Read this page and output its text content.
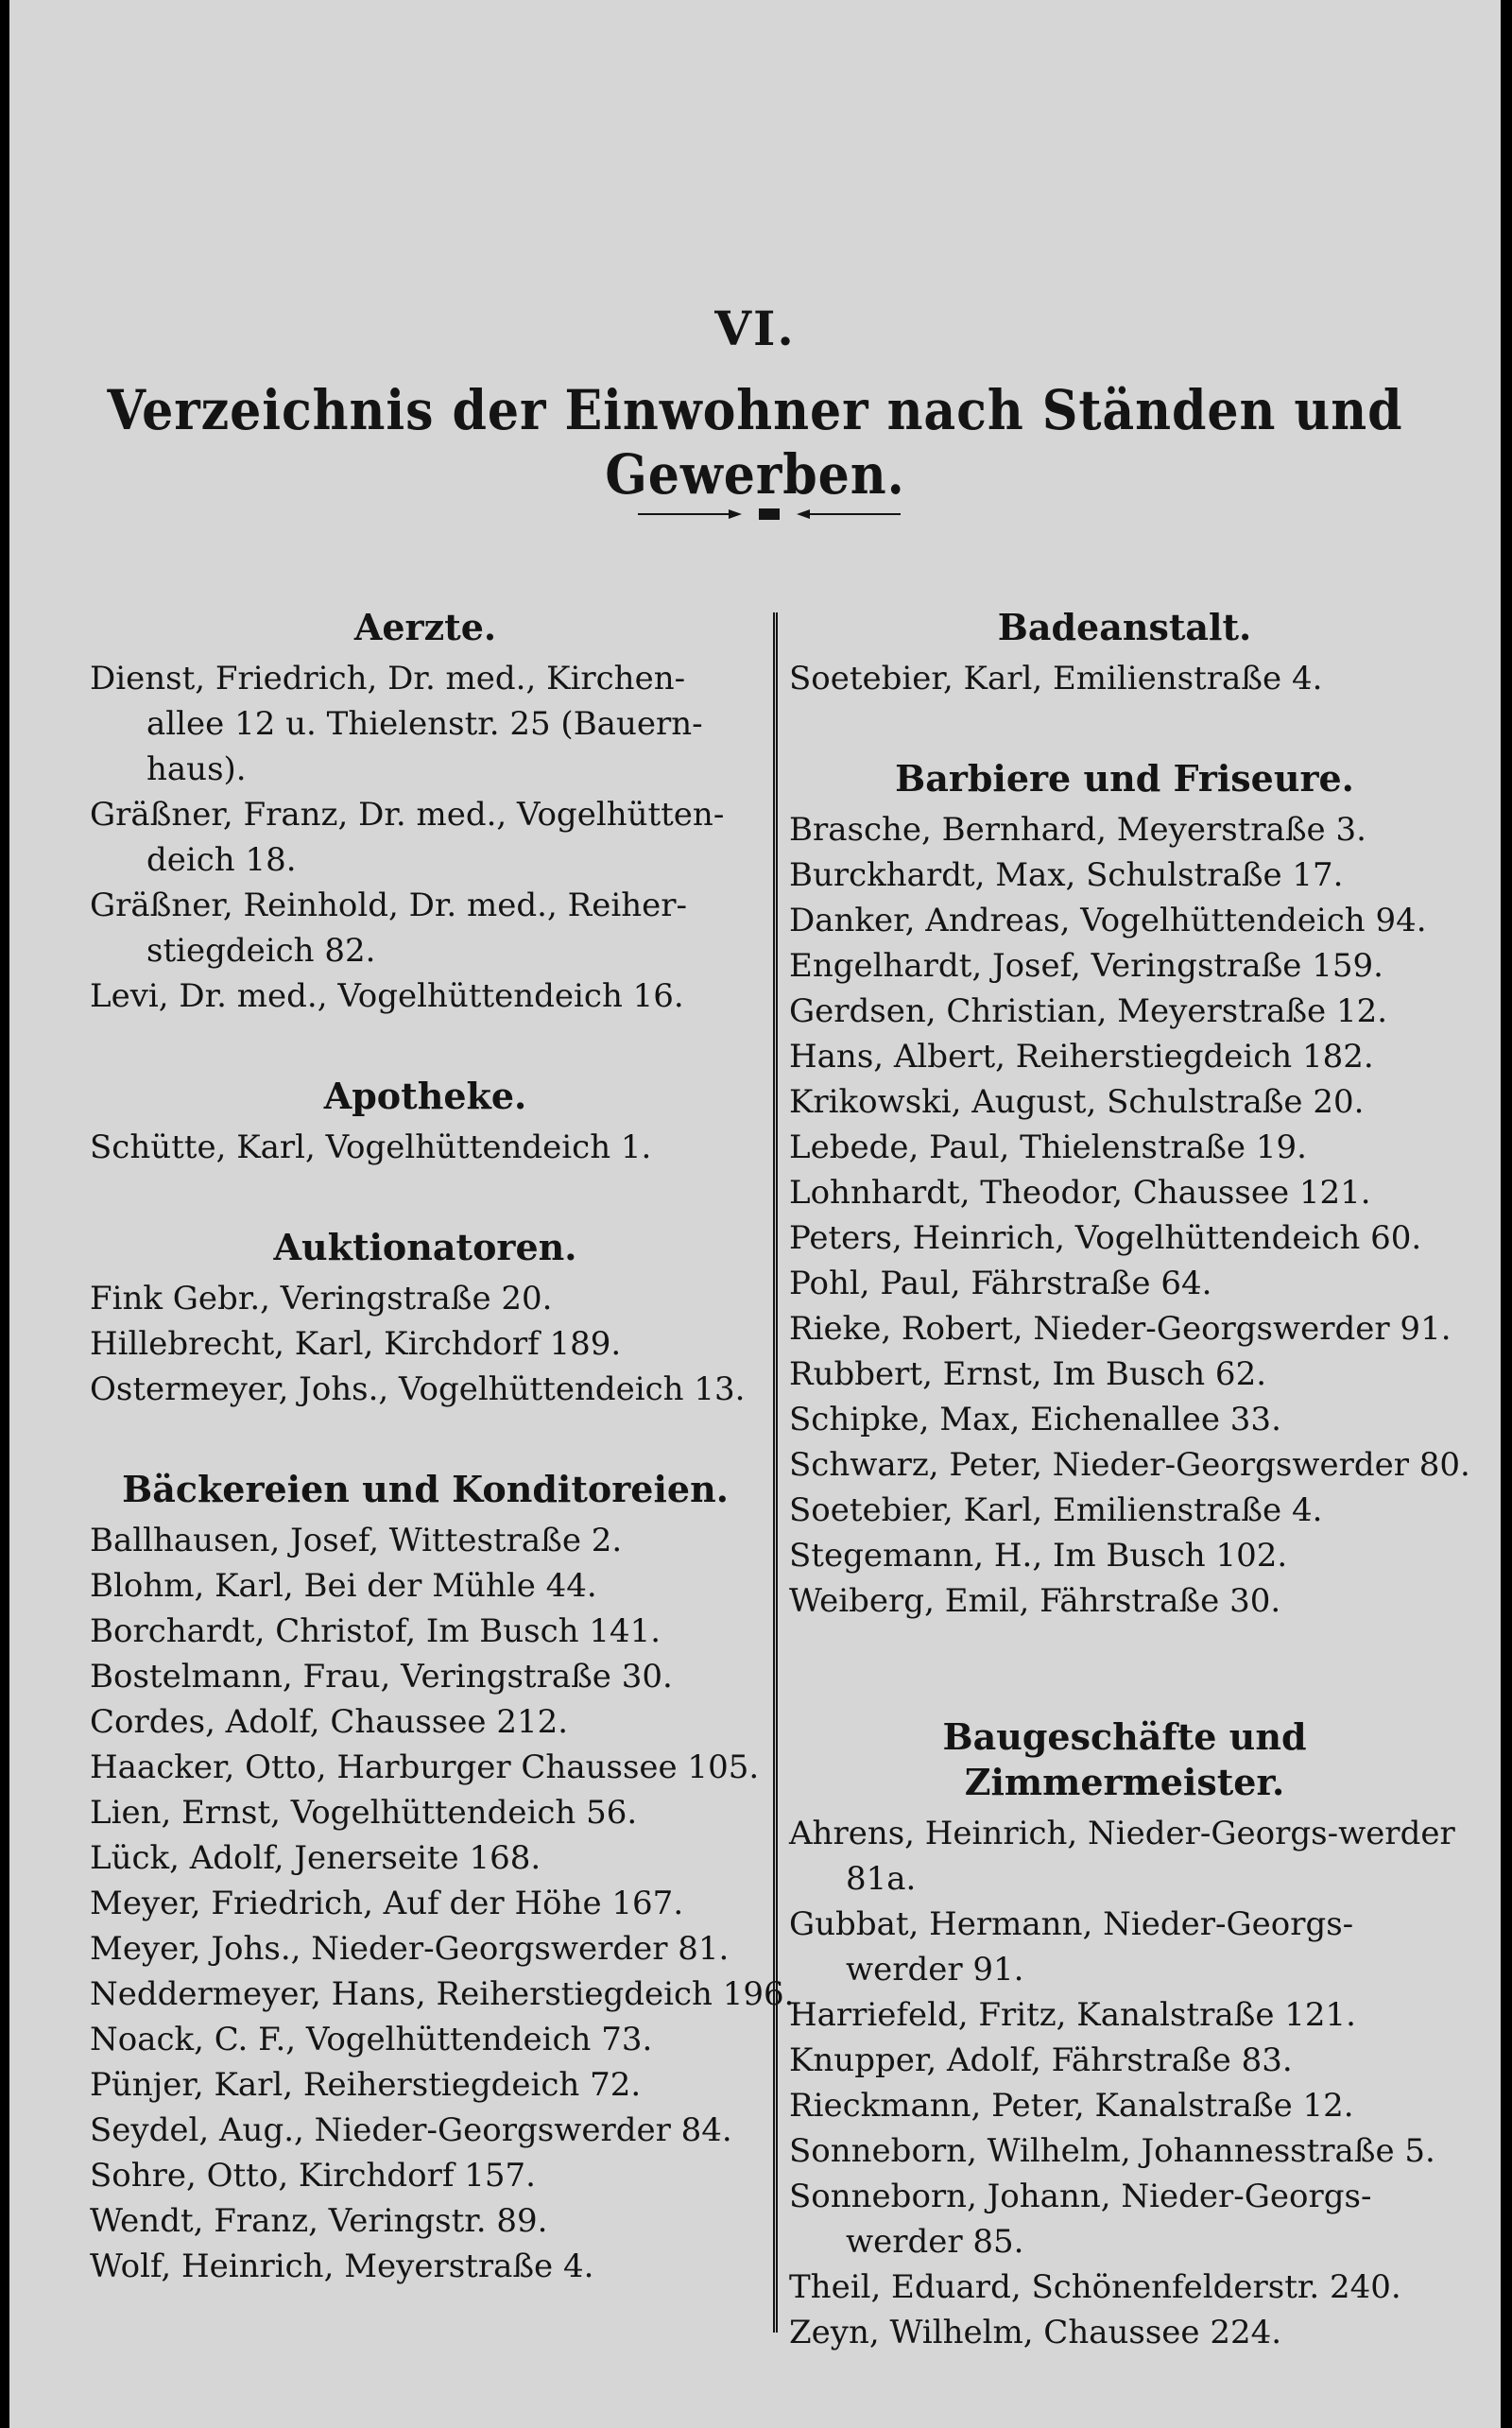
VI.
Verzeichnis der Einwohner nach Ständen und Gewerben.
Aerzte.
Dienst, Friedrich, Dr. med., Kirchen-allee 12 u. Thielenstr. 25 (Bauern-haus).
Gräßner, Franz, Dr. med., Vogelhütten-deich 18.
Gräßner, Reinhold, Dr. med., Reiher-stiegdeich 82.
Levi, Dr. med., Vogelhüttendeich 16.
Apotheke.
Schütte, Karl, Vogelhüttendeich 1.
Auktionatoren.
Fink Gebr., Veringstraße 20.
Hillebrecht, Karl, Kirchdorf 189.
Ostermeyer, Johs., Vogelhüttendeich 13.
Bäckereien und Konditoreien.
Ballhausen, Josef, Wittestraße 2.
Blohm, Karl, Bei der Mühle 44.
Borchardt, Christof, Im Busch 141.
Bostelmann, Frau, Veringstraße 30.
Cordes, Adolf, Chaussee 212.
Haacker, Otto, Harburger Chaussee 105.
Lien, Ernst, Vogelhüttendeich 56.
Lück, Adolf, Jenerseite 168.
Meyer, Friedrich, Auf der Höhe 167.
Meyer, Johs., Nieder-Georgswerder 81.
Neddermeyer, Hans, Reiherstiegdeich 196.
Noack, C. F., Vogelhüttendeich 73.
Pünjer, Karl, Reiherstiegdeich 72.
Seydel, Aug., Nieder-Georgswerder 84.
Sohre, Otto, Kirchdorf 157.
Wendt, Franz, Veringstr. 89.
Wolf, Heinrich, Meyerstraße 4.
Badeanstalt.
Soetebier, Karl, Emilienstraße 4.
Barbiere und Friseure.
Brasche, Bernhard, Meyerstraße 3.
Burckhardt, Max, Schulstraße 17.
Danker, Andreas, Vogelhüttendeich 94.
Engelhardt, Josef, Veringstraße 159.
Gerdsen, Christian, Meyerstraße 12.
Hans, Albert, Reiherstiegdeich 182.
Krikowski, August, Schulstraße 20.
Lebede, Paul, Thielenstraße 19.
Lohnhardt, Theodor, Chaussee 121.
Peters, Heinrich, Vogelhüttendeich 60.
Pohl, Paul, Fährstraße 64.
Rieke, Robert, Nieder-Georgswerder 91.
Rubbert, Ernst, Im Busch 62.
Schipke, Max, Eichenallee 33.
Schwarz, Peter, Nieder-Georgswerder 80.
Soetebier, Karl, Emilienstraße 4.
Stegemann, H., Im Busch 102.
Weiberg, Emil, Fährstraße 30.
Baugeschäfte und Zimmermeister.
Ahrens, Heinrich, Nieder-Georgs-werder 81a.
Gubbat, Hermann, Nieder-Georgs-werder 91.
Harriefeld, Fritz, Kanalstraße 121.
Knupper, Adolf, Fährstraße 83.
Rieckmann, Peter, Kanalstraße 12.
Sonneborn, Wilhelm, Johannesstraße 5.
Sonneborn, Johann, Nieder-Georgs-werder 85.
Theil, Eduard, Schönenfelderstr. 240.
Zeyn, Wilhelm, Chaussee 224.
